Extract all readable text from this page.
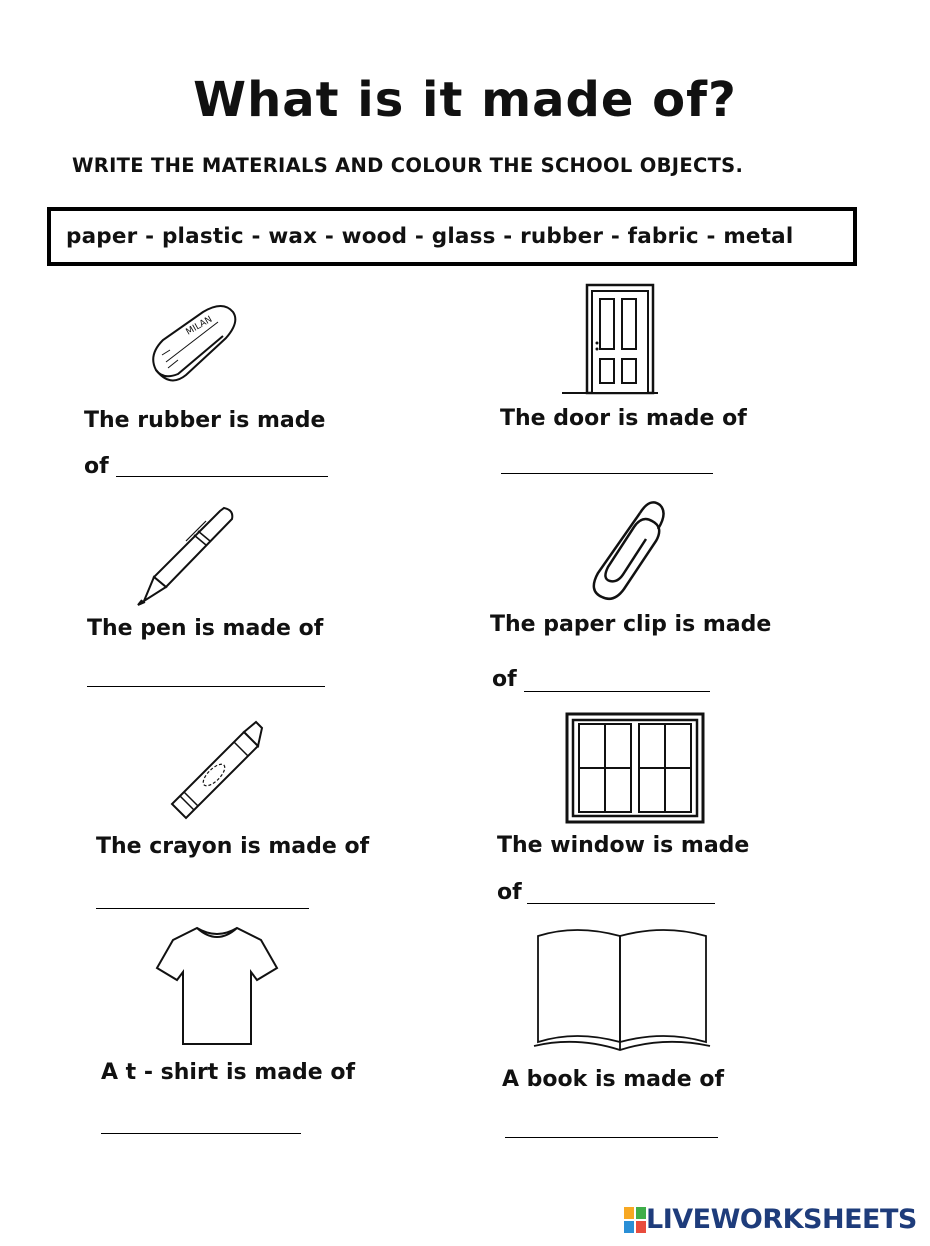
What is it made of?
WRITE THE MATERIALS AND COLOUR THE SCHOOL OBJECTS.
paper - plastic - wax - wood - glass - rubber - fabric - metal
MILAN
The rubber is made
of
The door is made of
The pen is made of	The paper clip is made
of
The crayon is made of	The window is made
of
A t - shirt is made of	A book is made of
LIVEWORKSHEETS
